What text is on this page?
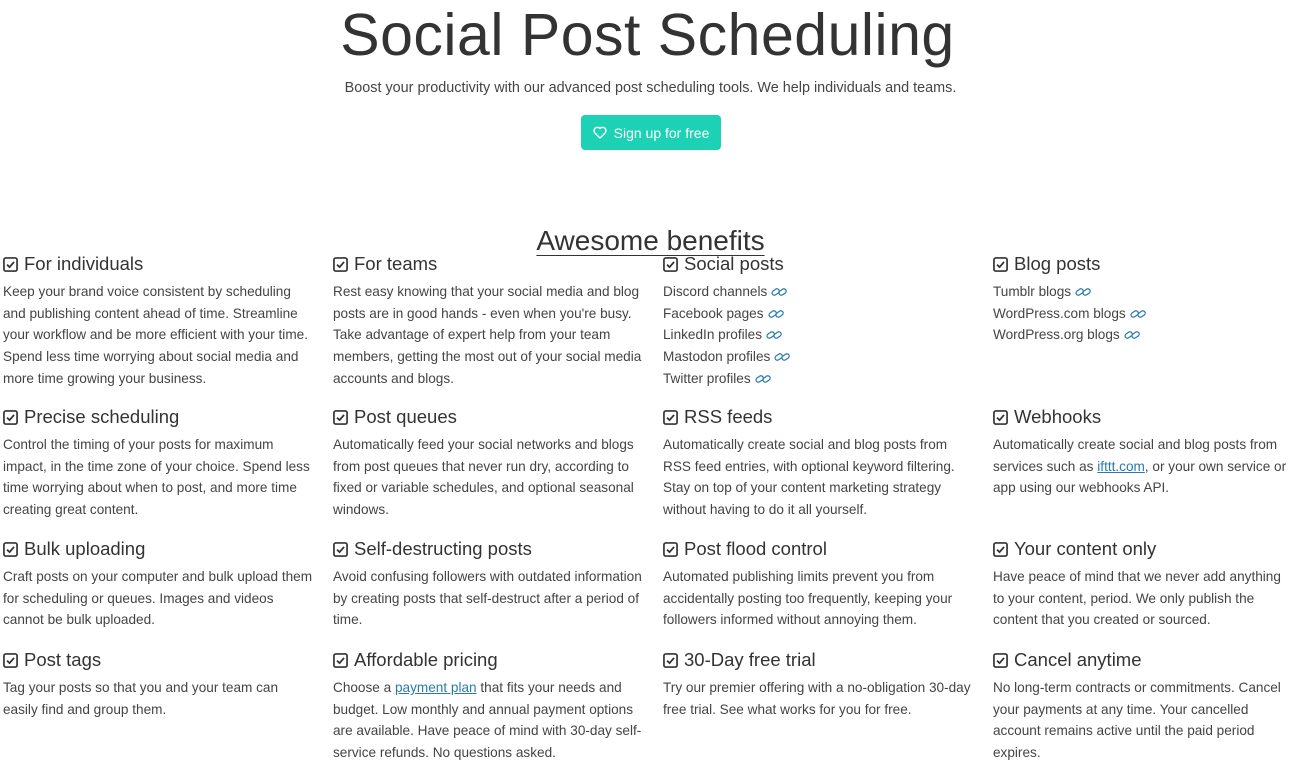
Social Post Scheduling
Boost your productivity with our advanced post scheduling tools. We help individuals and teams.
Sign up for free
Awesome benefits
For individuals

Keep your brand voice consistent by scheduling and publishing content ahead of time. Streamline your workflow and be more efficient with your time. Spend less time worrying about social media and more time growing your business.

For teams

Rest easy knowing that your social media and blog posts are in good hands - even when you're busy. Take advantage of expert help from your team members, getting the most out of your social media accounts and blogs.

Social posts
Discord channels
Facebook pages
LinkedIn profiles
Mastodon profiles
Twitter profiles
Blog posts
Tumblr blogs
WordPress.com blogs
WordPress.org blogs
Precise scheduling

Control the timing of your posts for maximum impact, in the time zone of your choice. Spend less time worrying about when to post, and more time creating great content.

Post queues

Automatically feed your social networks and blogs from post queues that never run dry, according to fixed or variable schedules, and optional seasonal windows.

RSS feeds

Automatically create social and blog posts from RSS feed entries, with optional keyword filtering. Stay on top of your content marketing strategy without having to do it all yourself.

Webhooks

Automatically create social and blog posts from services such as ifttt.com, or your own service or app using our webhooks API.

Bulk uploading

Craft posts on your computer and bulk upload them for scheduling or queues. Images and videos cannot be bulk uploaded.

Self-destructing posts

Avoid confusing followers with outdated information by creating posts that self-destruct after a period of time.

Post flood control

Automated publishing limits prevent you from accidentally posting too frequently, keeping your followers informed without annoying them.

Your content only

Have peace of mind that we never add anything to your content, period. We only publish the content that you created or sourced.

Post tags

Tag your posts so that you and your team can easily find and group them.

Affordable pricing

Choose a payment plan that fits your needs and budget. Low monthly and annual payment options are available. Have peace of mind with 30-day self-service refunds. No questions asked.

30-Day free trial

Try our premier offering with a no-obligation 30-day free trial. See what works for you for free.

Cancel anytime

No long-term contracts or commitments. Cancel your payments at any time. Your cancelled account remains active until the paid period expires.
